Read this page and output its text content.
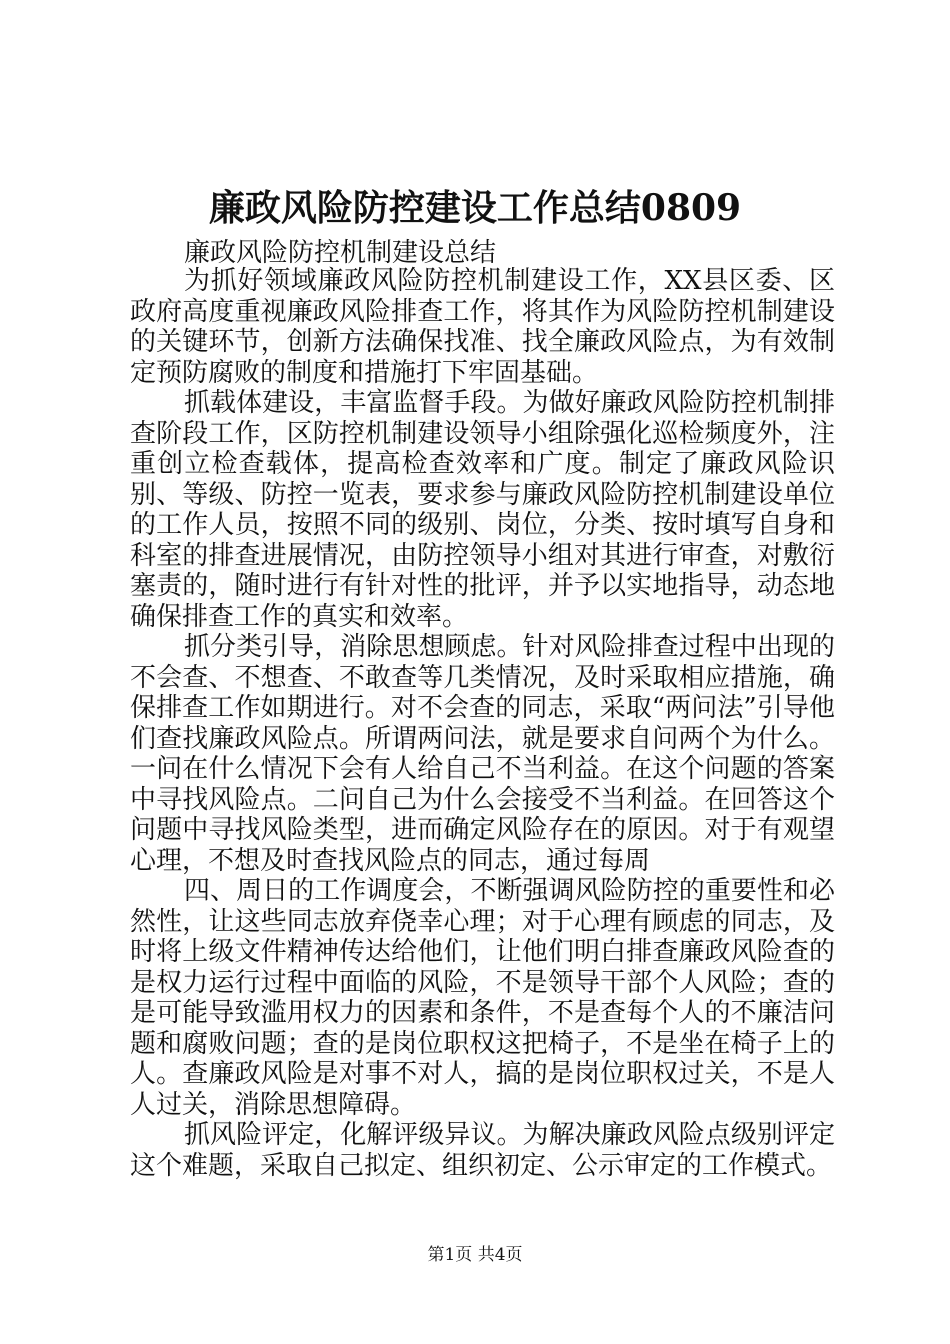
廉政风险防控建设工作总结0809

廉政风险防控机制建设总结

为抓好领域廉政风险防控机制建设工作，XX县区委、区政府高度重视廉政风险排查工作，将其作为风险防控机制建设的关键环节，创新方法确保找准、找全廉政风险点，为有效制定预防腐败的制度和措施打下牢固基础。

抓载体建设，丰富监督手段。为做好廉政风险防控机制排查阶段工作，区防控机制建设领导小组除强化巡检频度外，注重创立检查载体，提高检查效率和广度。制定了廉政风险识别、等级、防控一览表，要求参与廉政风险防控机制建设单位的工作人员，按照不同的级别、岗位，分类、按时填写自身和科室的排查进展情况，由防控领导小组对其进行审查，对敷衍塞责的，随时进行有针对性的批评，并予以实地指导，动态地确保排查工作的真实和效率。

抓分类引导，消除思想顾虑。针对风险排查过程中出现的不会查、不想查、不敢查等几类情况，及时采取相应措施，确保排查工作如期进行。对不会查的同志，采取“两问法”引导他们查找廉政风险点。所谓两问法，就是要求自问两个为什么。一问在什么情况下会有人给自己不当利益。在这个问题的答案中寻找风险点。二问自己为什么会接受不当利益。在回答这个问题中寻找风险类型，进而确定风险存在的原因。对于有观望心理，不想及时查找风险点的同志，通过每周

四、周日的工作调度会，不断强调风险防控的重要性和必然性，让这些同志放弃侥幸心理；对于心理有顾虑的同志，及时将上级文件精神传达给他们，让他们明白排查廉政风险查的是权力运行过程中面临的风险，不是领导干部个人风险；查的是可能导致滥用权力的因素和条件，不是查每个人的不廉洁问题和腐败问题；查的是岗位职权这把椅子，不是坐在椅子上的人。查廉政风险是对事不对人，搞的是岗位职权过关，不是人人过关，消除思想障碍。

抓风险评定，化解评级异议。为解决廉政风险点级别评定这个难题，采取自己拟定、组织初定、公示审定的工作模式。

第1页 共4页
